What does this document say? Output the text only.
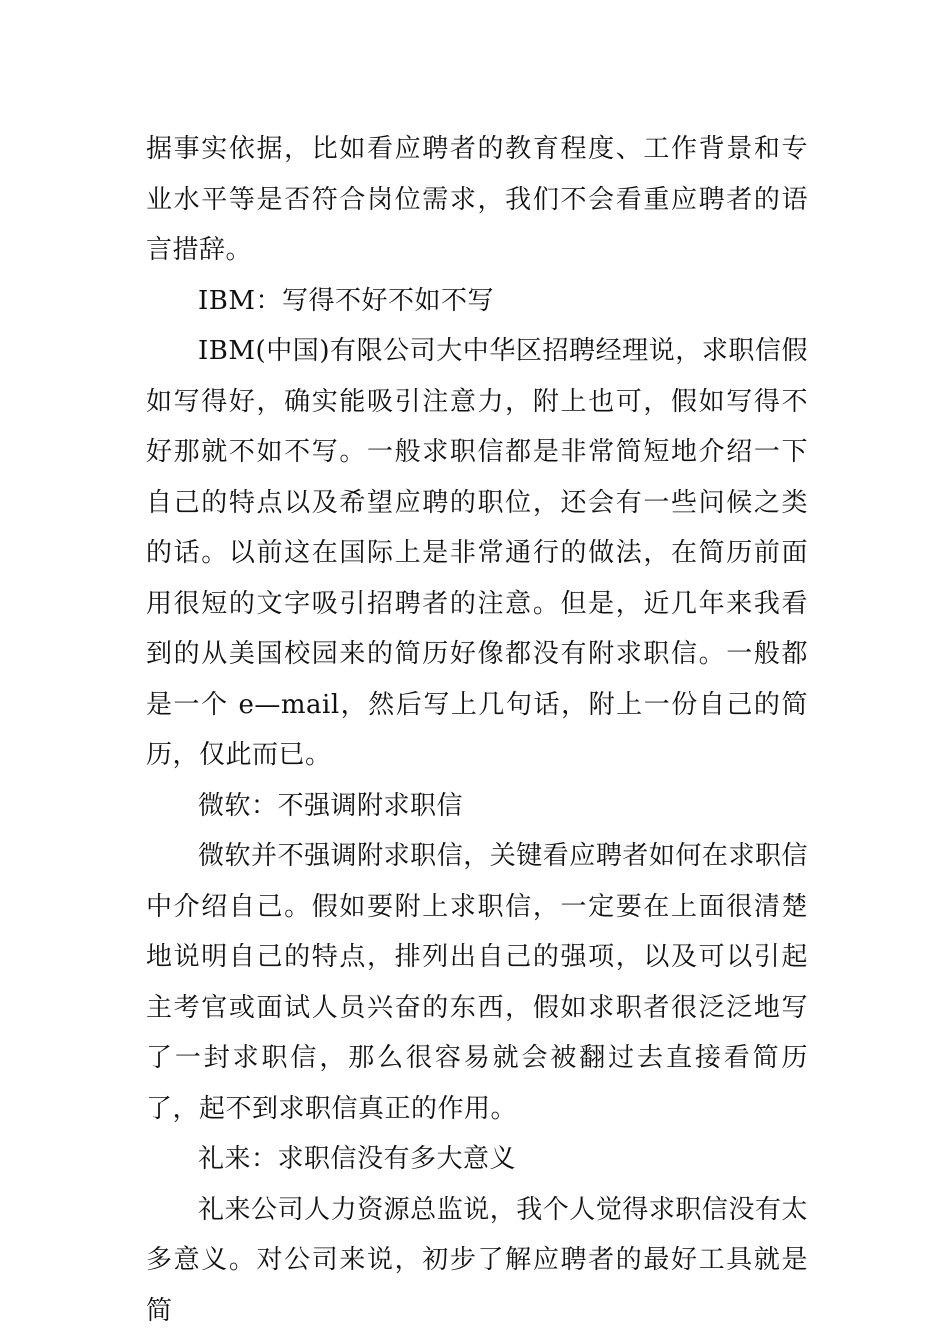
据事实依据，比如看应聘者的教育程度、工作背景和专业水平等是否符合岗位需求，我们不会看重应聘者的语言措辞。

IBM：写得不好不如不写

IBM(中国)有限公司大中华区招聘经理说，求职信假如写得好，确实能吸引注意力，附上也可，假如写得不好那就不如不写。一般求职信都是非常简短地介绍一下自己的特点以及希望应聘的职位，还会有一些问候之类的话。以前这在国际上是非常通行的做法，在简历前面用很短的文字吸引招聘者的注意。但是，近几年来我看到的从美国校园来的简历好像都没有附求职信。一般都是一个 e—mail，然后写上几句话，附上一份自己的简历，仅此而已。

微软：不强调附求职信

微软并不强调附求职信，关键看应聘者如何在求职信中介绍自己。假如要附上求职信，一定要在上面很清楚地说明自己的特点，排列出自己的强项，以及可以引起主考官或面试人员兴奋的东西，假如求职者很泛泛地写了一封求职信，那么很容易就会被翻过去直接看简历了，起不到求职信真正的作用。

礼来：求职信没有多大意义

礼来公司人力资源总监说，我个人觉得求职信没有太多意义。对公司来说，初步了解应聘者的最好工具就是简
